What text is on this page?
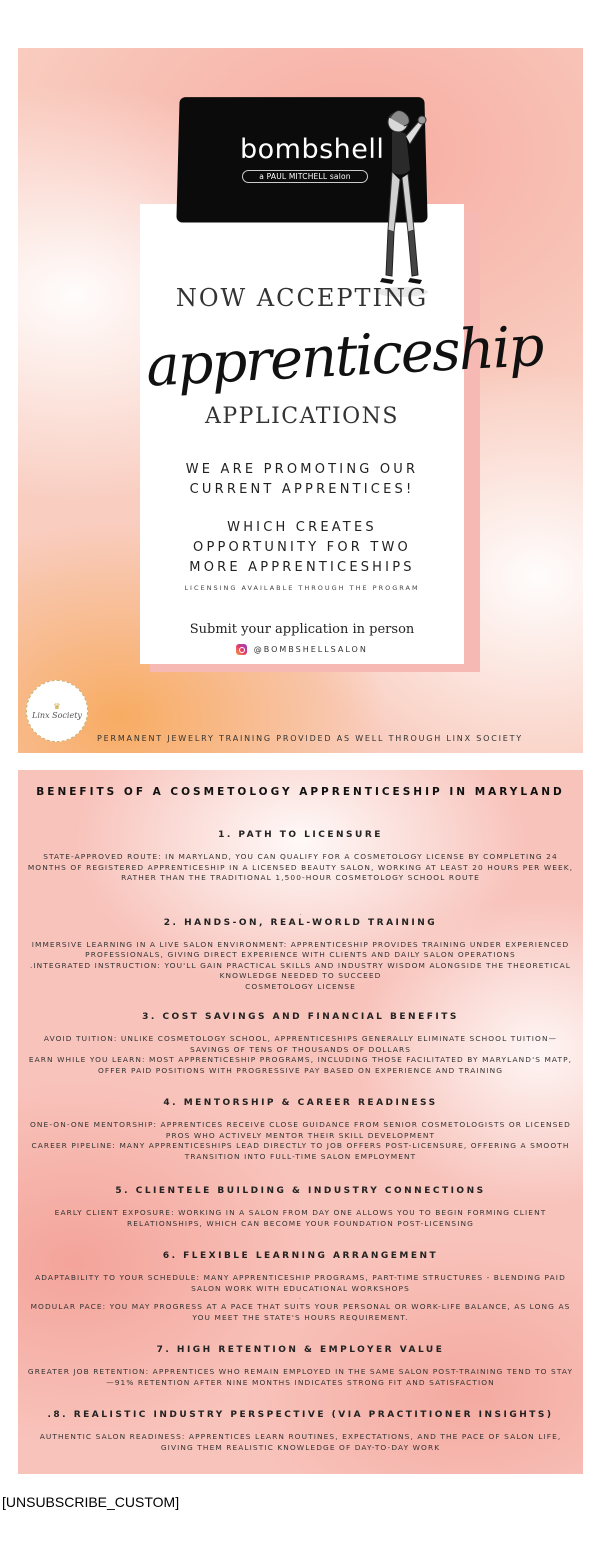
bombshell
a PAUL MITCHELL salon
NOW ACCEPTING
apprenticeship
APPLICATIONS
WE ARE PROMOTING OUR
CURRENT APPRENTICES!
WHICH CREATES
OPPORTUNITY FOR TWO
MORE APPRENTICESHIPS
LICENSING AVAILABLE THROUGH THE PROGRAM
Submit your application in person
@BOMBSHELLSALON
♛
Linx Society
PERMANENT JEWELRY TRAINING PROVIDED AS WELL THROUGH LINX SOCIETY
BENEFITS OF A COSMETOLOGY APPRENTICESHIP IN MARYLAND
1. PATH TO LICENSURE
STATE-APPROVED ROUTE: IN MARYLAND, YOU CAN QUALIFY FOR A COSMETOLOGY LICENSE BY COMPLETING 24 MONTHS OF REGISTERED APPRENTICESHIP IN A LICENSED BEAUTY SALON, WORKING AT LEAST 20 HOURS PER WEEK, RATHER THAN THE TRADITIONAL 1,500-HOUR COSMETOLOGY SCHOOL ROUTE
.
2. HANDS-ON, REAL-WORLD TRAINING
IMMERSIVE LEARNING IN A LIVE SALON ENVIRONMENT: APPRENTICESHIP PROVIDES TRAINING UNDER EXPERIENCED PROFESSIONALS, GIVING DIRECT EXPERIENCE WITH CLIENTS AND DAILY SALON OPERATIONS
.INTEGRATED INSTRUCTION: YOU'LL GAIN PRACTICAL SKILLS AND INDUSTRY WISDOM ALONGSIDE THE THEORETICAL KNOWLEDGE NEEDED TO SUCCEED
COSMETOLOGY LICENSE
3. COST SAVINGS AND FINANCIAL BENEFITS
AVOID TUITION: UNLIKE COSMETOLOGY SCHOOL, APPRENTICESHIPS GENERALLY ELIMINATE SCHOOL TUITION—SAVINGS OF TENS OF THOUSANDS OF DOLLARS
EARN WHILE YOU LEARN: MOST APPRENTICESHIP PROGRAMS, INCLUDING THOSE FACILITATED BY MARYLAND'S MATP, OFFER PAID POSITIONS WITH PROGRESSIVE PAY BASED ON EXPERIENCE AND TRAINING
4. MENTORSHIP & CAREER READINESS
ONE-ON-ONE MENTORSHIP: APPRENTICES RECEIVE CLOSE GUIDANCE FROM SENIOR COSMETOLOGISTS OR LICENSED PROS WHO ACTIVELY MENTOR THEIR SKILL DEVELOPMENT
CAREER PIPELINE: MANY APPRENTICESHIPS LEAD DIRECTLY TO JOB OFFERS POST-LICENSURE, OFFERING A SMOOTH TRANSITION INTO FULL-TIME SALON EMPLOYMENT
5. CLIENTELE BUILDING & INDUSTRY CONNECTIONS
EARLY CLIENT EXPOSURE: WORKING IN A SALON FROM DAY ONE ALLOWS YOU TO BEGIN FORMING CLIENT RELATIONSHIPS, WHICH CAN BECOME YOUR FOUNDATION POST-LICENSING
6. FLEXIBLE LEARNING ARRANGEMENT
ADAPTABILITY TO YOUR SCHEDULE: MANY APPRENTICESHIP PROGRAMS, PART-TIME STRUCTURES - BLENDING PAID SALON WORK WITH EDUCATIONAL WORKSHOPS
.
MODULAR PACE: YOU MAY PROGRESS AT A PACE THAT SUITS YOUR PERSONAL OR WORK-LIFE BALANCE, AS LONG AS YOU MEET THE STATE'S HOURS REQUIREMENT.
7. HIGH RETENTION & EMPLOYER VALUE
GREATER JOB RETENTION: APPRENTICES WHO REMAIN EMPLOYED IN THE SAME SALON POST-TRAINING TEND TO STAY—91% RETENTION AFTER NINE MONTHS INDICATES STRONG FIT AND SATISFACTION
.8. REALISTIC INDUSTRY PERSPECTIVE (VIA PRACTITIONER INSIGHTS)
AUTHENTIC SALON READINESS: APPRENTICES LEARN ROUTINES, EXPECTATIONS, AND THE PACE OF SALON LIFE, GIVING THEM REALISTIC KNOWLEDGE OF DAY-TO-DAY WORK
[UNSUBSCRIBE_CUSTOM]
